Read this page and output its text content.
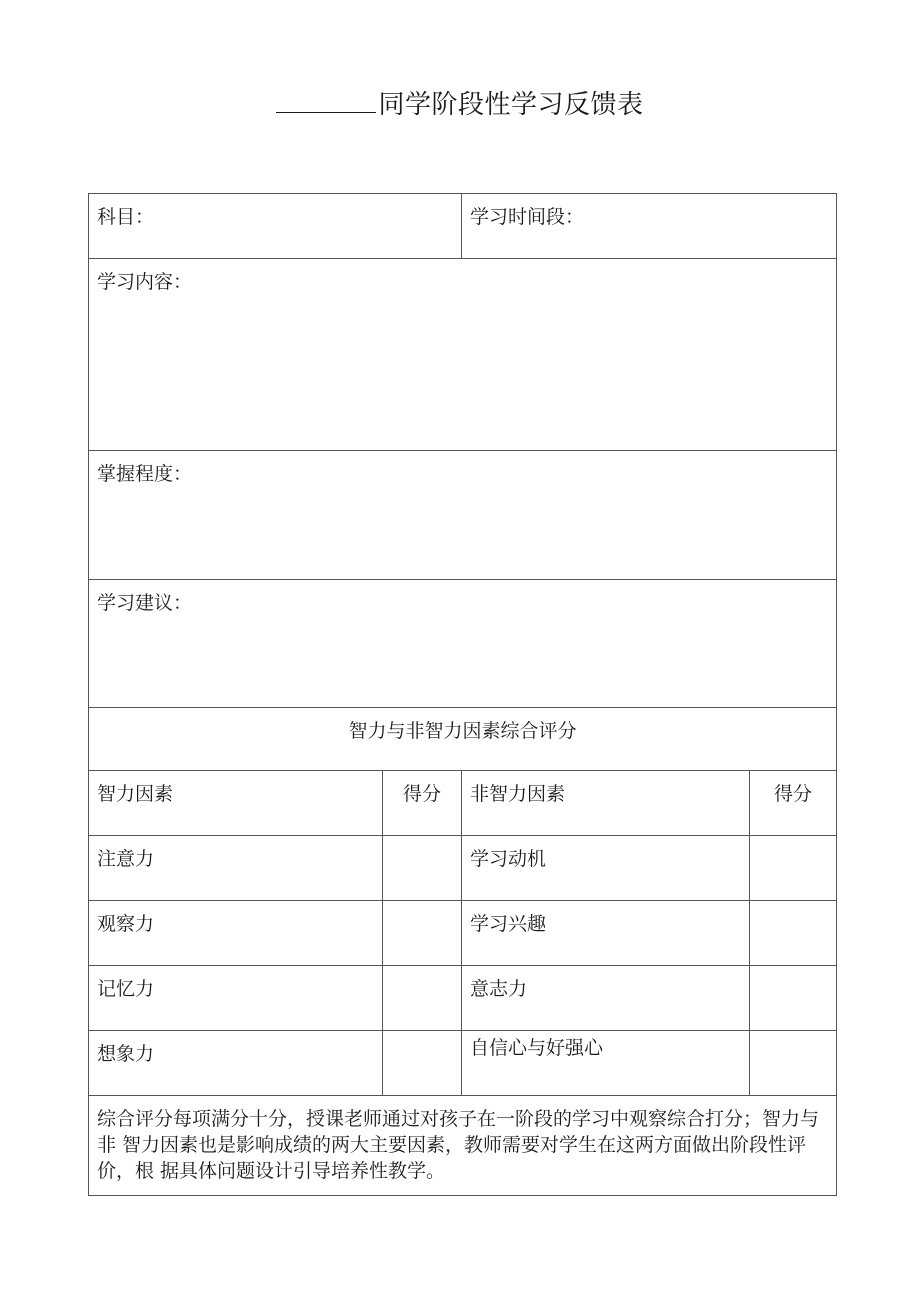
同学阶段性学习反馈表
科目：		学习时间段：	
学习内容：			
掌握程度：			
学习建议：			
智力与非智力因素综合评分			
智力因素	得分	非智力因素	得分
注意力		学习动机	
观察力		学习兴趣	
记忆力		意志力	
想象力		自信心与好强心	
综合评分每项满分十分，授课老师通过对孩子在一阶段的学习中观察综合打分；智力与非 智力因素也是影响成绩的两大主要因素，教师需要对学生在这两方面做出阶段性评价，根 据具体问题设计引导培养性教学。			
